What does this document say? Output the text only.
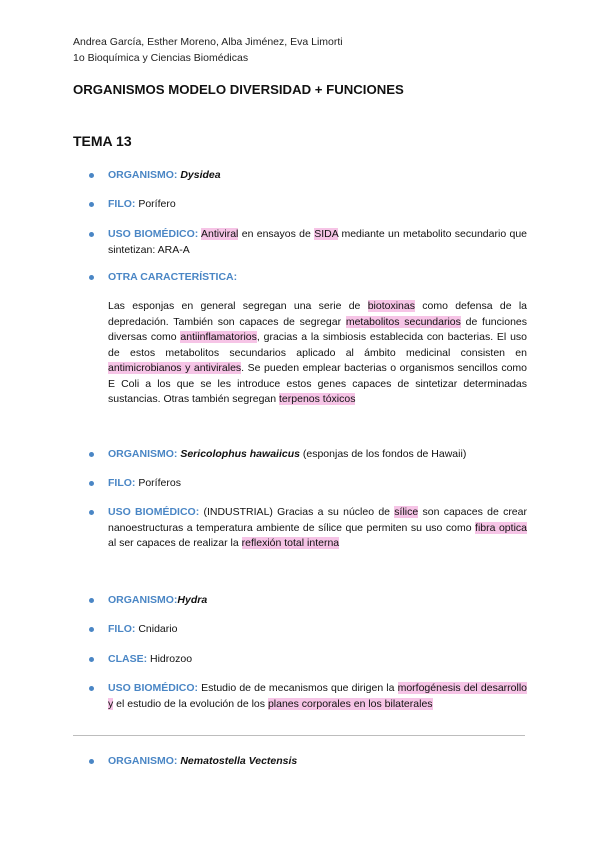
Andrea García, Esther Moreno, Alba Jiménez, Eva Limorti
1o Bioquímica y Ciencias Biomédicas
ORGANISMOS MODELO DIVERSIDAD + FUNCIONES
TEMA 13
ORGANISMO: Dysidea
FILO: Porífero
USO BIOMÉDICO: Antiviral en ensayos de SIDA mediante un metabolito secundario que sintetizan: ARA-A
OTRA CARACTERÍSTICA:
Las esponjas en general segregan una serie de biotoxinas como defensa de la depredación. También son capaces de segregar metabolitos secundarios de funciones diversas como antiinflamatorios, gracias a la simbiosis establecida con bacterias. El uso de estos metabolitos secundarios aplicado al ámbito medicinal consisten en antimicrobianos y antivirales. Se pueden emplear bacterias o organismos sencillos como E Coli a los que se les introduce estos genes capaces de sintetizar determinadas sustancias. Otras también segregan terpenos tóxicos
ORGANISMO: Sericolophus hawaiicus (esponjas de los fondos de Hawaii)
FILO: Poríferos
USO BIOMÉDICO: (INDUSTRIAL) Gracias a su núcleo de sílice son capaces de crear nanoestructuras a temperatura ambiente de sílice que permiten su uso como fibra optica al ser capaces de realizar la reflexión total interna
ORGANISMO:Hydra
FILO: Cnidario
CLASE: Hidrozoo
USO BIOMÉDICO: Estudio de de mecanismos que dirigen la morfogénesis del desarrollo y el estudio de la evolución de los planes corporales en los bilaterales
ORGANISMO: Nematostella Vectensis
